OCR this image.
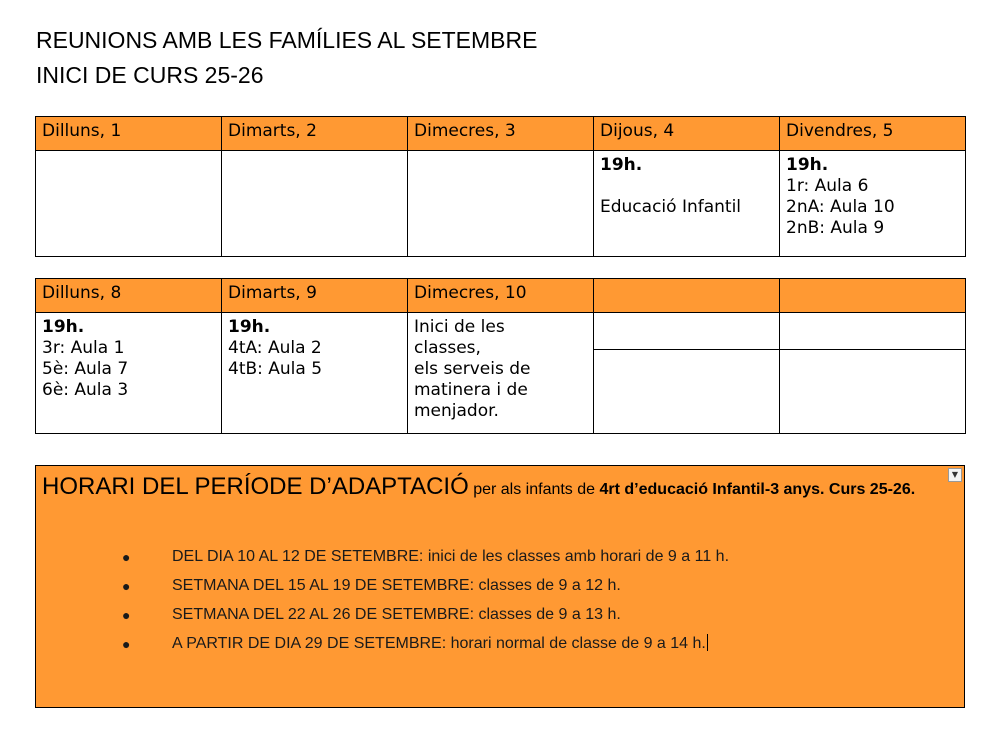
REUNIONS AMB LES FAMÍLIES AL SETEMBRE
INICI DE CURS 25-26
Dilluns, 1	Dimarts, 2	Dimecres, 3	Dijous, 4	Divendres, 5

			19h.
Educació Infantil	19h.
1r: Aula 6
2nA: Aula 10
2nB: Aula 9
Dilluns, 8	Dimarts, 9	Dimecres, 10		

19h.
3r: Aula 1
5è: Aula 7
6è: Aula 3	19h.
4tA: Aula 2
4tB: Aula 5	Inici de les
classes,
els serveis de
matinera i de
menjador.		

HORARI DEL PERÍODE D’ADAPTACIÓ per als infants de 4rt d’educació Infantil-3 anys. Curs 25-26.
▼
●	DEL DIA 10 AL 12 DE SETEMBRE: inici de les classes amb horari de 9 a 11 h.
●	SETMANA DEL 15 AL 19 DE SETEMBRE: classes de 9 a 12 h.
●	SETMANA DEL 22 AL 26 DE SETEMBRE: classes de 9 a 13 h.
●	A PARTIR DE DIA 29 DE SETEMBRE: horari normal de classe de 9 a 14 h.
